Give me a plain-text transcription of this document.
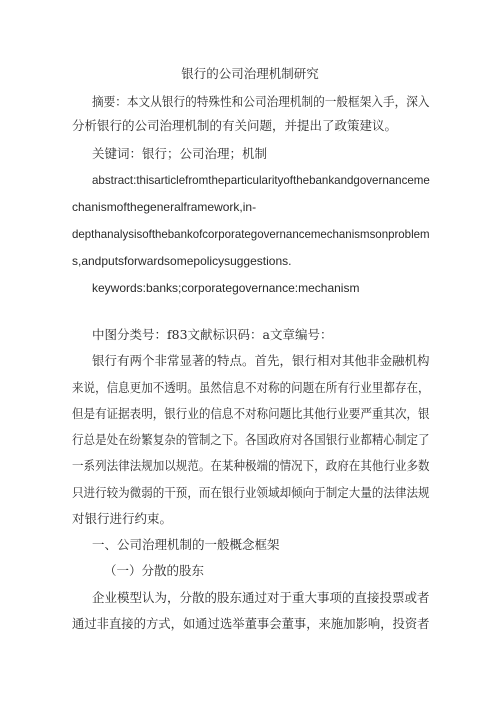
银行的公司治理机制研究
摘要：本文从银行的特殊性和公司治理机制的一般框架入手，深入
分析银行的公司治理机制的有关问题，并提出了政策建议。
关键词：银行；公司治理；机制
abstract:thisarticlefromtheparticularityofthebankandgovernanceme
chanismofthegeneralframework,in-
depthanalysisofthebankofcorporategovernancemechanismsonproblem
s,andputsforwardsomepolicysuggestions.
keywords:banks;corporategovernance:mechanism
中图分类号：f83文献标识码：a文章编号：
银行有两个非常显著的特点。首先，银行相对其他非金融机构
来说，信息更加不透明。虽然信息不对称的问题在所有行业里都存在，
但是有证据表明，银行业的信息不对称问题比其他行业要严重其次，银
行总是处在纷繁复杂的管制之下。各国政府对各国银行业都精心制定了
一系列法律法规加以规范。在某种极端的情况下，政府在其他行业多数
只进行较为微弱的干预，而在银行业领域却倾向于制定大量的法律法规
对银行进行约束。
一、公司治理机制的一般概念框架
（一）分散的股东
企业模型认为，分散的股东通过对于重大事项的直接投票或者
通过非直接的方式，如通过选举董事会董事，来施加影响，投资者
